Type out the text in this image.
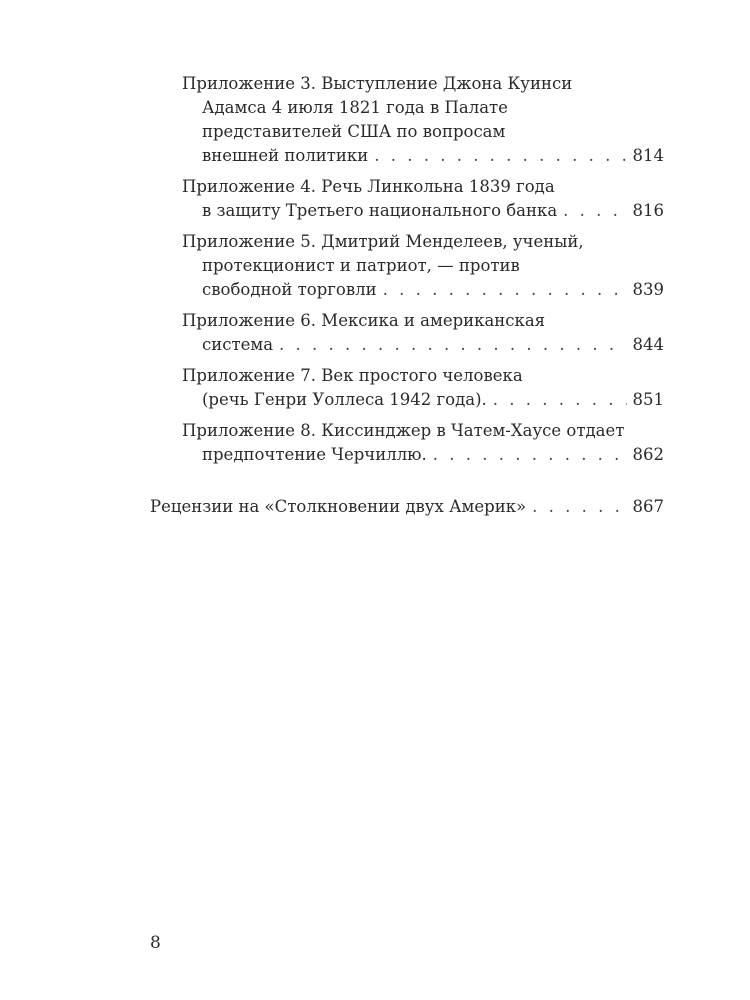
Приложение 3. Выступление Джона Куинси
Адамса 4 июля 1821 года в Палате
представителей США по вопросам
внешней политики . . .	814
Приложение 4. Речь Линкольна 1839 года
в защиту Третьего национального банка . . .	816
Приложение 5. Дмитрий Менделеев, ученый,
протекционист и патриот, — против
свободной торговли . . .	839
Приложение 6. Мексика и американская
система . . .	844
Приложение 7. Век простого человека
(речь Генри Уоллеса 1942 года). . . .	851
Приложение 8. Киссинджер в Чатем-Хаусе отдает
предпочтение Черчиллю. . . .	862
Рецензии на «Столкновении двух Америк» . . .	867
8
